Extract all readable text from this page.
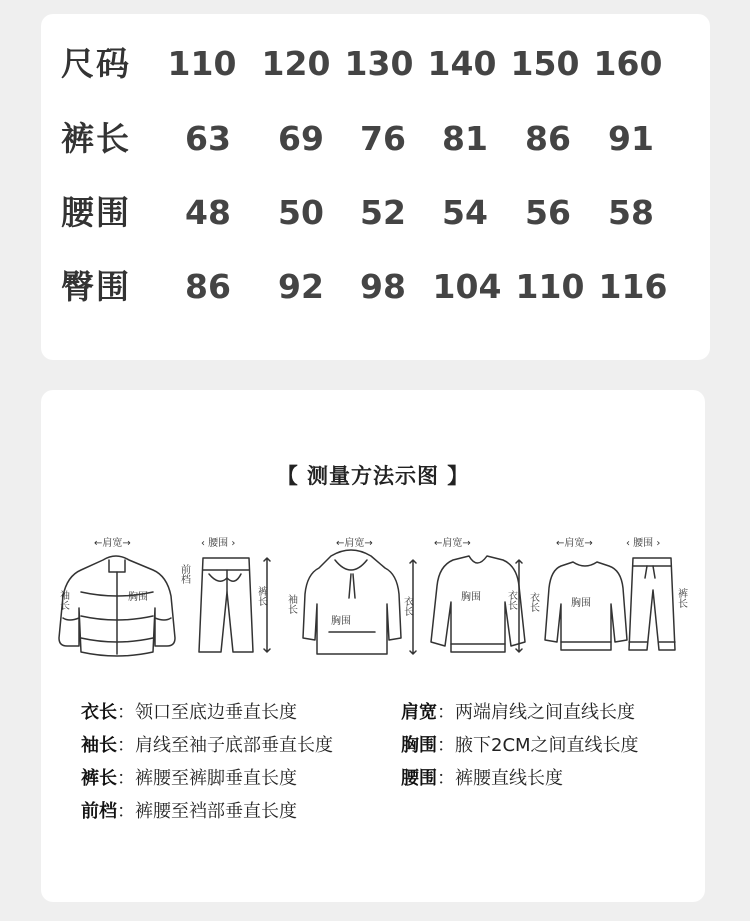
尺码	110 120 130 140 150 160
裤长	63	69	76	81	86	91
腰围	48	50	52	54	56	58
臀围	86	92	98 104 110 116
【 测量方法示图 】
胸围
←肩宽→
袖长
‹ 腰围 ›
前档
裤长
←肩宽→
胸围
袖长	衣长
←肩宽→
胸围 衣长
←肩宽→
胸围
衣长
‹ 腰围 ›
裤长
衣长：领口至底边垂直长度
袖长：肩线至袖子底部垂直长度
裤长：裤腰至裤脚垂直长度
前档：裤腰至裆部垂直长度
肩宽：两端肩线之间直线长度
胸围：腋下2CM之间直线长度
腰围：裤腰直线长度
